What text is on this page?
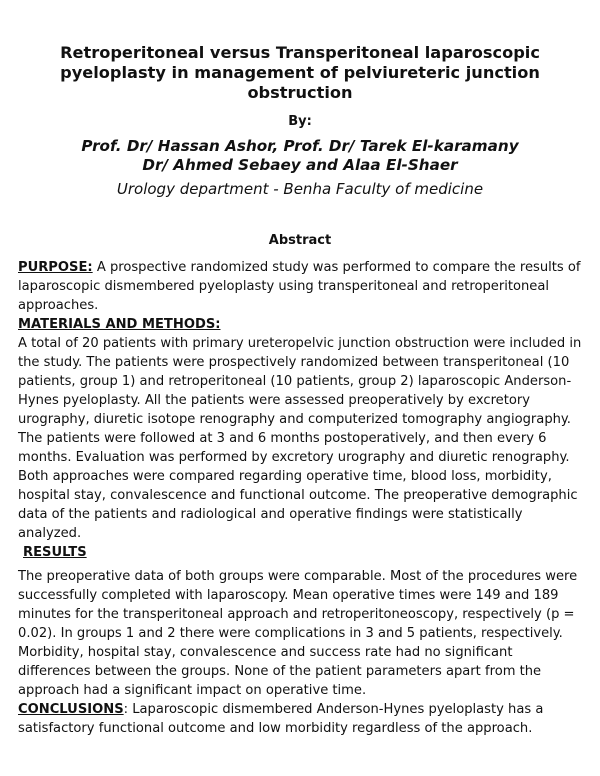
Retroperitoneal versus Transperitoneal laparoscopic pyeloplasty in management of pelviureteric junction obstruction
By:
Prof. Dr/ Hassan Ashor, Prof. Dr/ Tarek El-karamany
Dr/ Ahmed Sebaey and Alaa El-Shaer
Urology department - Benha Faculty of medicine
Abstract

PURPOSE: A prospective randomized study was performed to compare the results of laparoscopic dismembered pyeloplasty using transperitoneal and retroperitoneal approaches.

MATERIALS AND METHODS:

A total of 20 patients with primary ureteropelvic junction obstruction were included in the study. The patients were prospectively randomized between transperitoneal (10 patients, group 1) and retroperitoneal (10 patients, group 2) laparoscopic Anderson-Hynes pyeloplasty. All the patients were assessed preoperatively by excretory urography, diuretic isotope renography and computerized tomography angiography. The patients were followed at 3 and 6 months postoperatively, and then every 6 months. Evaluation was performed by excretory urography and diuretic renography. Both approaches were compared regarding operative time, blood loss, morbidity, hospital stay, convalescence and functional outcome. The preoperative demographic data of the patients and radiological and operative findings were statistically analyzed.

RESULTS

The preoperative data of both groups were comparable. Most of the procedures were successfully completed with laparoscopy. Mean operative times were 149 and 189 minutes for the transperitoneal approach and retroperitoneoscopy, respectively (p = 0.02). In groups 1 and 2 there were complications in 3 and 5 patients, respectively. Morbidity, hospital stay, convalescence and success rate had no significant differences between the groups. None of the patient parameters apart from the approach had a significant impact on operative time.

CONCLUSIONS: Laparoscopic dismembered Anderson-Hynes pyeloplasty has a satisfactory functional outcome and low morbidity regardless of the approach.
